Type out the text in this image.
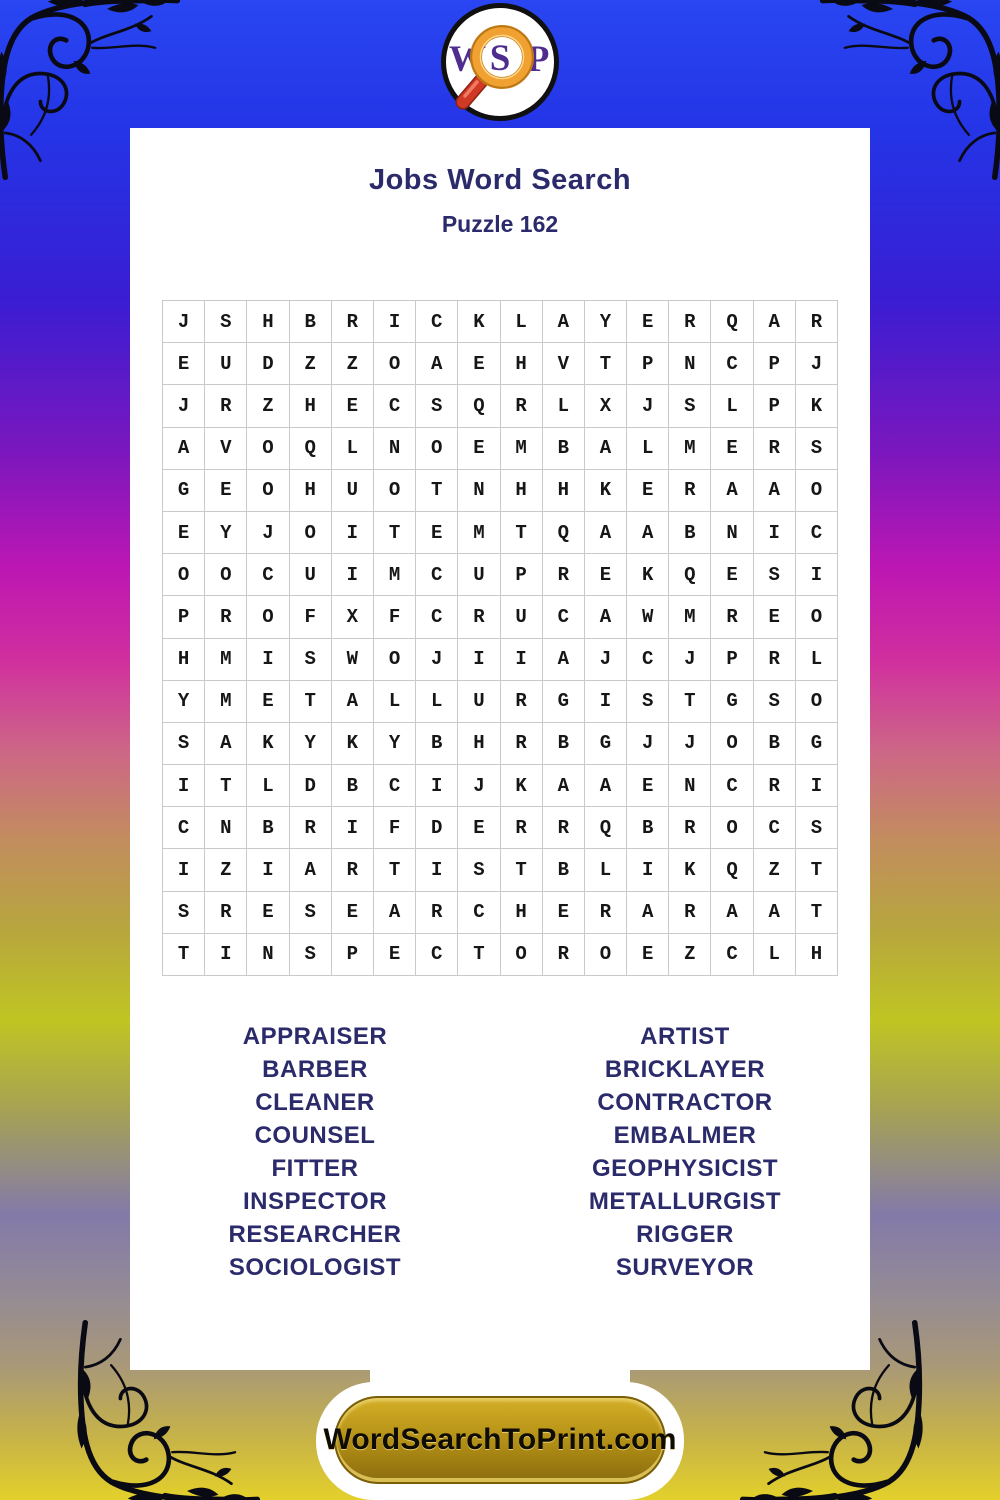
W S P
Jobs Word Search
Puzzle 162
J	S	H	B	R	I	C	K	L	A	Y	E	R	Q	A	R
E	U	D	Z	Z	O	A	E	H	V	T	P	N	C	P	J
J	R	Z	H	E	C	S	Q	R	L	X	J	S	L	P	K
A	V	O	Q	L	N	O	E	M	B	A	L	M	E	R	S
G	E	O	H	U	O	T	N	H	H	K	E	R	A	A	O
E	Y	J	O	I	T	E	M	T	Q	A	A	B	N	I	C
O	O	C	U	I	M	C	U	P	R	E	K	Q	E	S	I
P	R	O	F	X	F	C	R	U	C	A	W	M	R	E	O
H	M	I	S	W	O	J	I	I	A	J	C	J	P	R	L
Y	M	E	T	A	L	L	U	R	G	I	S	T	G	S	O
S	A	K	Y	K	Y	B	H	R	B	G	J	J	O	B	G
I	T	L	D	B	C	I	J	K	A	A	E	N	C	R	I
C	N	B	R	I	F	D	E	R	R	Q	B	R	O	C	S
I	Z	I	A	R	T	I	S	T	B	L	I	K	Q	Z	T
S	R	E	S	E	A	R	C	H	E	R	A	R	A	A	T
T	I	N	S	P	E	C	T	O	R	O	E	Z	C	L	H
APPRAISER
BARBER
CLEANER
COUNSEL
FITTER
INSPECTOR
RESEARCHER
SOCIOLOGIST
ARTIST
BRICKLAYER
CONTRACTOR
EMBALMER
GEOPHYSICIST
METALLURGIST
RIGGER
SURVEYOR
WordSearchToPrint.com
